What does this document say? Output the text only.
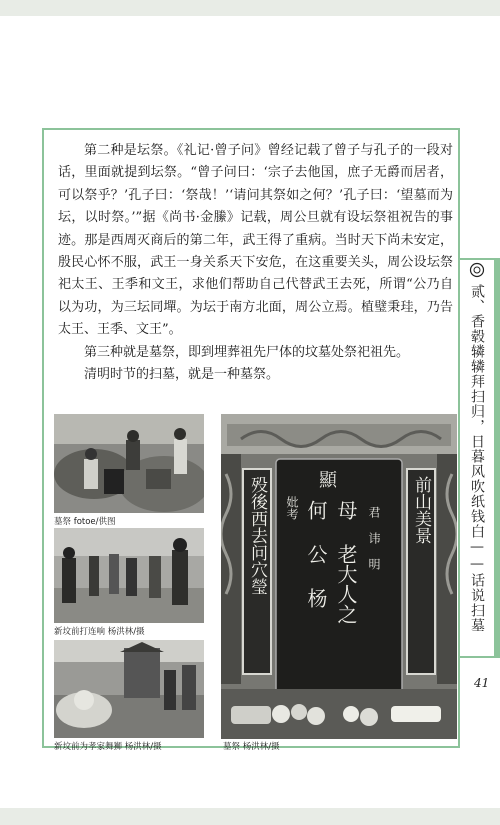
贰、香毂辚辚拜扫归，日暮风吹纸钱白——话说扫墓
41

第二种是坛祭。《礼记·曾子问》曾经记载了曾子与孔子的一段对话，里面就提到坛祭。“曾子问曰：‘宗子去他国，庶子无爵而居者，可以祭乎？’孔子曰：‘祭哉！’‘请问其祭如之何？’孔子曰：‘望墓而为坛，以时祭。’”据《尚书·金縢》记载，周公旦就有设坛祭祖祝告的事迹。那是西周灭商后的第二年，武王得了重病。当时天下尚未安定，殷民心怀不服，武王一身关系天下安危，在这重要关头，周公设坛祭祀太王、王季和文王，求他们帮助自己代替武王去死，所谓“公乃自以为功，为三坛同墠。为坛于南方北面，周公立焉。植璧秉珪，乃告太王、王季、文王”。

第三种就是墓祭，即到埋葬祖先尸体的坟墓处祭祀祖先。

清明时节的扫墓，就是一种墓祭。

墓祭 fotoe/供图
新坟前打连响 杨洪林/摄
新坟前为孝家舞狮 杨洪林/摄
殁後西去问穴瑩	前山美景
顯
妣考 何 公 杨 母 老大人之 君 讳 明
墓祭 杨洪林/摄
